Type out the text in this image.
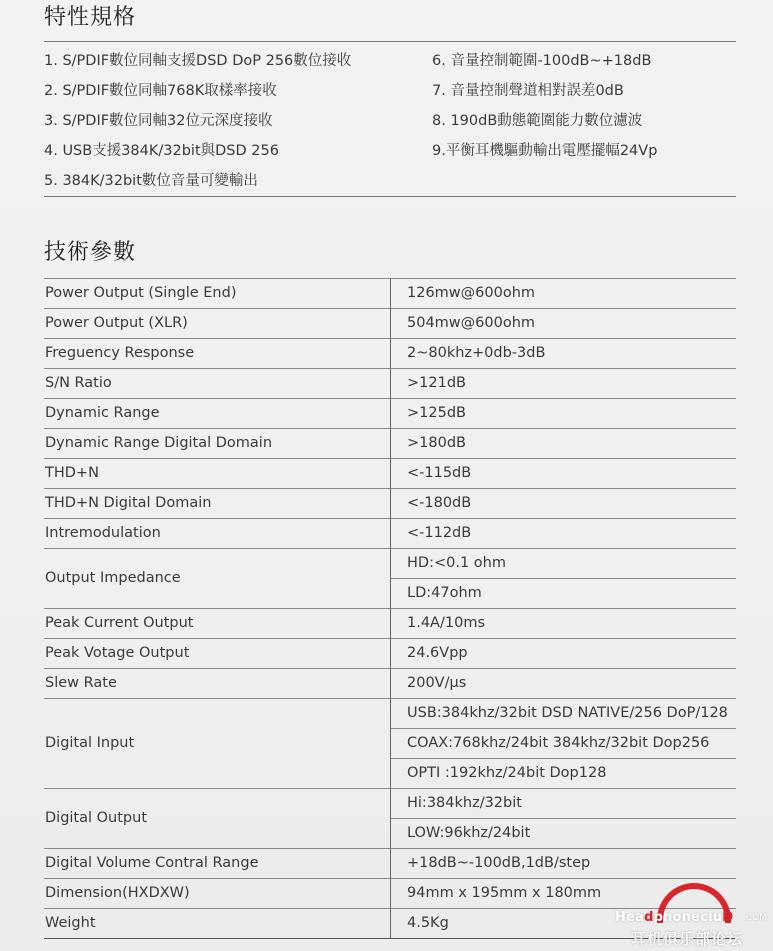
特性規格
1. S/PDIF數位同軸支援DSD DoP 256數位接收
2. S/PDIF數位同軸768K取樣率接收
3. S/PDIF數位同軸32位元深度接收
4. USB支援384K/32bit與DSD 256
5. 384K/32bit數位音量可變輸出
6. 音量控制範圍-100dB~+18dB
7. 音量控制聲道相對誤差0dB
8. 190dB動態範圍能力數位濾波
9.平衡耳機驅動輸出電壓擺幅24Vp
技術參數
Power Output (Single End)	126mw@600ohm
Power Output (XLR)	504mw@600ohm
Freguency Response	2~80khz+0db-3dB
S/N Ratio	>121dB
Dynamic Range	>125dB
Dynamic Range Digital Domain	>180dB
THD+N	<-115dB
THD+N Digital Domain	<-180dB
Intremodulation	<-112dB
Output Impedance	HD:<0.1 ohm
	LD:47ohm
Peak Current Output	1.4A/10ms
Peak Votage Output	24.6Vpp
Slew Rate	200V/µs
Digital Input	USB:384khz/32bit DSD NATIVE/256 DoP/128
	COAX:768khz/24bit 384khz/32bit Dop256
	OPTI :192khz/24bit Dop128
Digital Output	Hi:384khz/32bit
	LOW:96khz/24bit
Digital Volume Contral Range	+18dB~-100dB,1dB/step
Dimension(HXDXW)	94mm x 195mm x 180mm
Weight	4.5Kg	HeadphonecluD .COM
耳机俱乐部论坛
